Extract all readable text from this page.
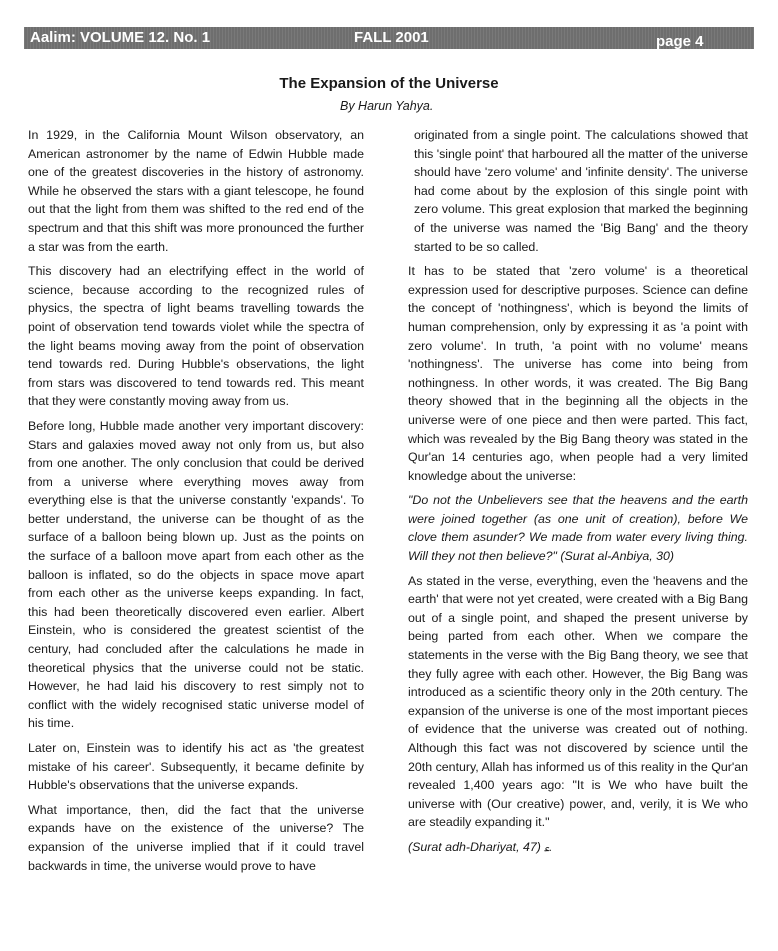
Aalim: VOLUME 12. No. 1	FALL 2001	page 4
The Expansion of the Universe
By Harun Yahya.

In 1929, in the California Mount Wilson observatory, an American astronomer by the name of Edwin Hubble made one of the greatest discoveries in the history of astronomy. While he observed the stars with a giant telescope, he found out that the light from them was shifted to the red end of the spectrum and that this shift was more pronounced the further a star was from the earth.

This discovery had an electrifying effect in the world of science, because according to the recognized rules of physics, the spectra of light beams travelling towards the point of observation tend towards violet while the spectra of the light beams moving away from the point of observation tend towards red. During Hubble's observations, the light from stars was discovered to tend towards red. This meant that they were constantly moving away from us.

Before long, Hubble made another very important discovery: Stars and galaxies moved away not only from us, but also from one another. The only conclusion that could be derived from a universe where everything moves away from everything else is that the universe constantly 'expands'. To better understand, the universe can be thought of as the surface of a balloon being blown up. Just as the points on the surface of a balloon move apart from each other as the balloon is inflated, so do the objects in space move apart from each other as the universe keeps expanding. In fact, this had been theoretically discovered even earlier. Albert Einstein, who is considered the greatest scientist of the century, had concluded after the calculations he made in theoretical physics that the universe could not be static. However, he had laid his discovery to rest simply not to conflict with the widely recognised static universe model of his time.

Later on, Einstein was to identify his act as 'the greatest mistake of his career'. Subsequently, it became definite by Hubble's observations that the universe expands.

What importance, then, did the fact that the universe expands have on the existence of the universe? The expansion of the universe implied that if it could travel backwards in time, the universe would prove to have

originated from a single point. The calculations showed that this 'single point' that harboured all the matter of the universe should have 'zero volume' and 'infinite density'. The universe had come about by the explosion of this single point with zero volume. This great explosion that marked the beginning of the universe was named the 'Big Bang' and the theory started to be so called.

It has to be stated that 'zero volume' is a theoretical expression used for descriptive purposes. Science can define the concept of 'nothingness', which is beyond the limits of human comprehension, only by expressing it as 'a point with zero volume'. In truth, 'a point with no volume' means 'nothingness'. The universe has come into being from nothingness. In other words, it was created. The Big Bang theory showed that in the beginning all the objects in the universe were of one piece and then were parted. This fact, which was revealed by the Big Bang theory was stated in the Qur'an 14 centuries ago, when people had a very limited knowledge about the universe:

"Do not the Unbelievers see that the heavens and the earth were joined together (as one unit of creation), before We clove them asunder? We made from water every living thing. Will they not then believe?" (Surat al-Anbiya, 30)

As stated in the verse, everything, even the 'heavens and the earth' that were not yet created, were created with a Big Bang out of a single point, and shaped the present universe by being parted from each other. When we compare the statements in the verse with the Big Bang theory, we see that they fully agree with each other. However, the Big Bang was introduced as a scientific theory only in the 20th century. The expansion of the universe is one of the most important pieces of evidence that the universe was created out of nothing. Although this fact was not discovered by science until the 20th century, Allah has informed us of this reality in the Qur'an revealed 1,400 years ago: "It is We who have built the universe with (Our creative) power, and, verily, it is We who are steadily expanding it."

(Surat adh-Dhariyat, 47) ࢃ.
